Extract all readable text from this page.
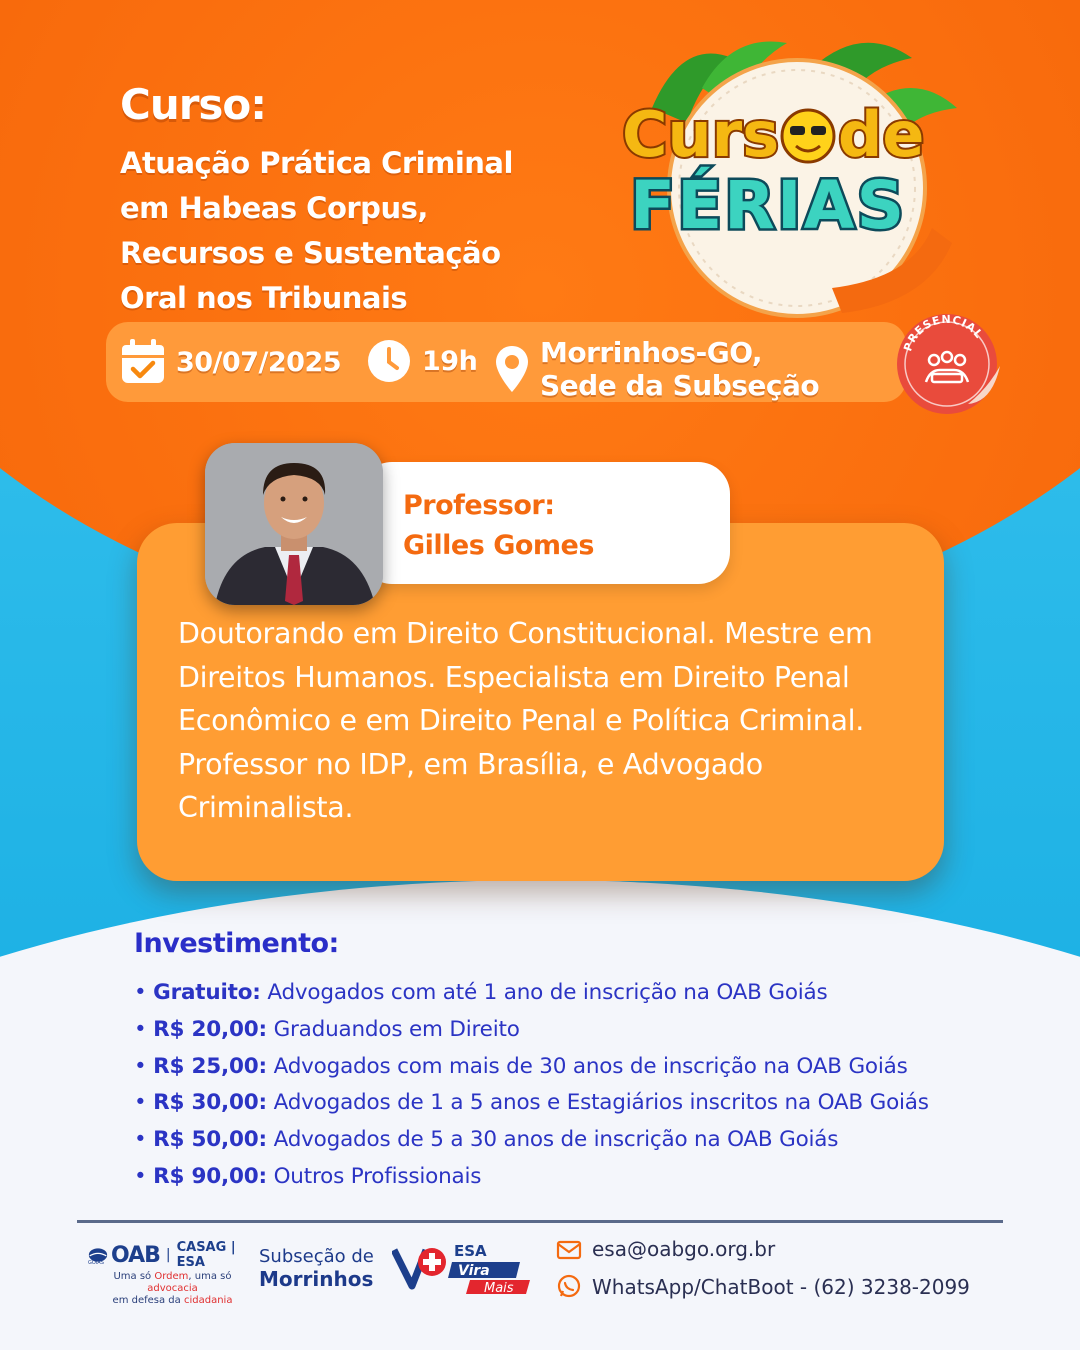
Curso:
Atuação Prática Criminal
em Habeas Corpus,
Recursos e Sustentação
Oral nos Tribunais
Curs de
FÉRIAS
30/07/2025	19h Morrinhos-GO,
Sede da Subseção
PRESENCIAL
Doutorando em Direito Constitucional. Mestre em Direitos Humanos. Especialista em Direito Penal Econômico e em Direito Penal e Política Criminal. Professor no IDP, em Brasília, e Advogado Criminalista.
Professor:
Gilles Gomes
Investimento:
• Gratuito: Advogados com até 1 ano de inscrição na OAB Goiás
• R$ 20,00: Graduandos em Direito
• R$ 25,00: Advogados com mais de 30 anos de inscrição na OAB Goiás
• R$ 30,00: Advogados de 1 a 5 anos e Estagiários inscritos na OAB Goiás
• R$ 50,00: Advogados de 5 a 30 anos de inscrição na OAB Goiás
• R$ 90,00: Outros Profissionais
OAB | CASAG | ESA
GOIÁS
Uma só Ordem, uma só advocacia
em defesa da cidadania
Subseção de
Morrinhos
ESA
Vira
Mais
esa@oabgo.org.br
WhatsApp/ChatBoot - (62) 3238-2099
